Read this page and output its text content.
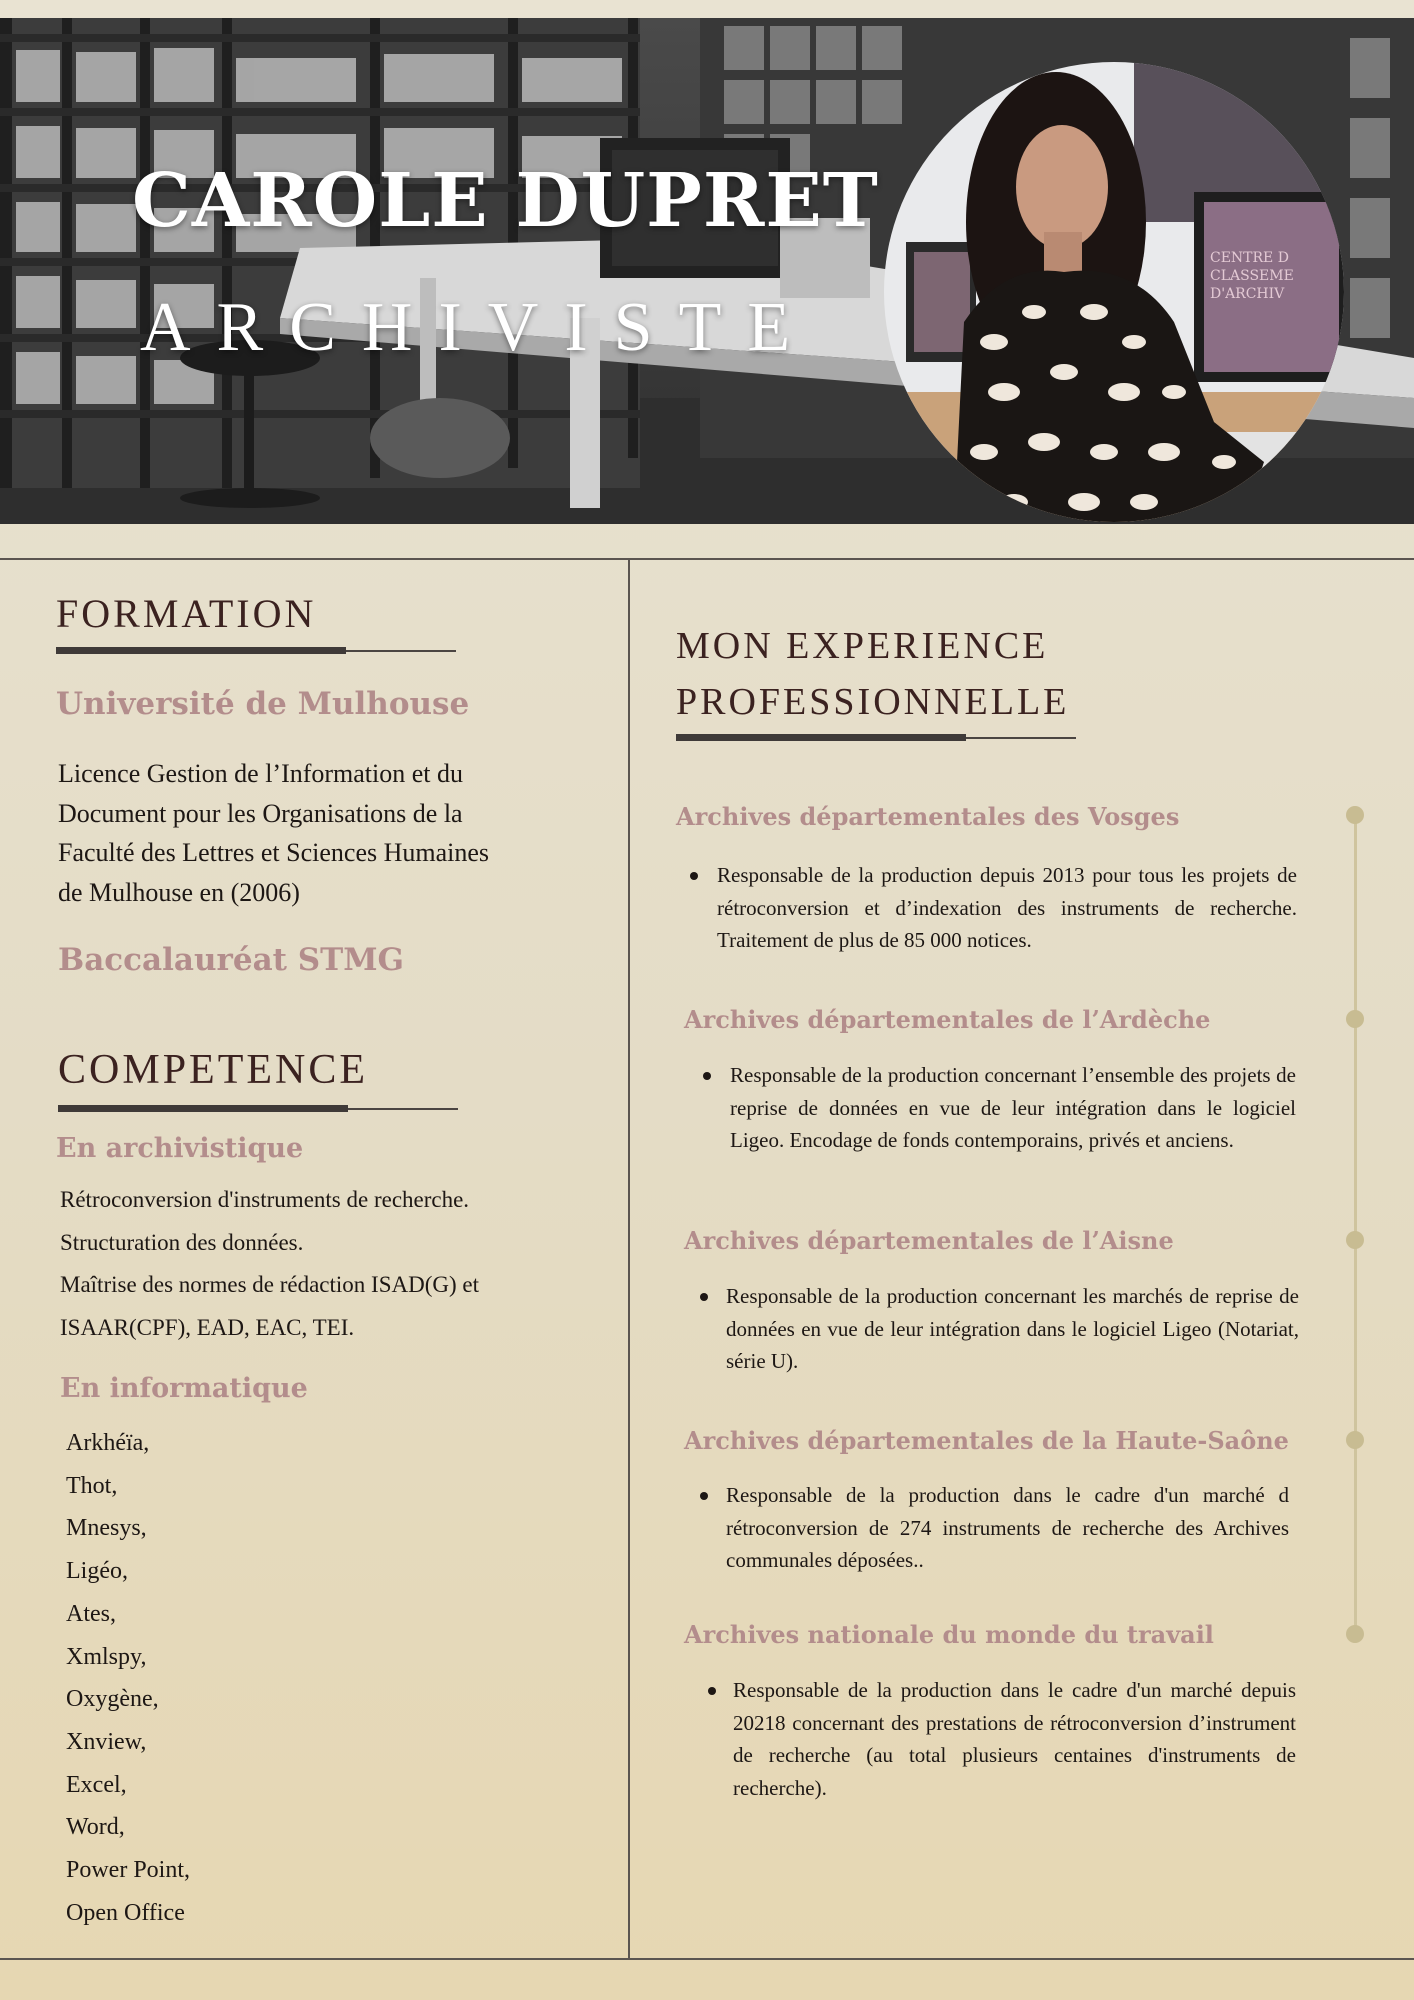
CAROLE DUPRET
ARCHIVISTE
CENTRE D
CLASSEME
D'ARCHIV
FORMATION
Université de Mulhouse

Licence Gestion de l’Information et du
Document pour les Organisations de la
Faculté des Lettres et Sciences Humaines
de Mulhouse en (2006)

Baccalauréat STMG
COMPETENCE
En archivistique

Rétroconversion d'instruments de recherche.
Structuration des données.
Maîtrise des normes de rédaction ISAD(G) et
ISAAR(CPF), EAD, EAC, TEI.

En informatique
Arkhéïa,
Thot,
Mnesys,
Ligéo,
Ates,
Xmlspy,
Oxygène,
Xnview,
Excel,
Word,
Power Point,
Open Office
MON EXPERIENCE
PROFESSIONNELLE
Archives départementales des Vosges

Responsable de la production depuis 2013 pour tous les projets de rétroconversion et d’indexation des instruments de recherche. Traitement de plus de 85 000 notices.

Archives départementales de l’Ardèche

Responsable de la production concernant l’ensemble des projets de reprise de données en vue de leur intégration dans le logiciel Ligeo. Encodage de fonds contemporains, privés et anciens.

Archives départementales de l’Aisne

Responsable de la production concernant les marchés de reprise de données en vue de leur intégration dans le logiciel Ligeo (Notariat, série U).

Archives départementales de la Haute-Saône

Responsable de la production dans le cadre d'un marché d rétroconversion de 274 instruments de recherche des Archives communales déposées..

Archives nationale du monde du travail

Responsable de la production dans le cadre d'un marché depuis 20218 concernant des prestations de rétroconversion d’instrument de recherche (au total plusieurs centaines d'instruments de recherche).
